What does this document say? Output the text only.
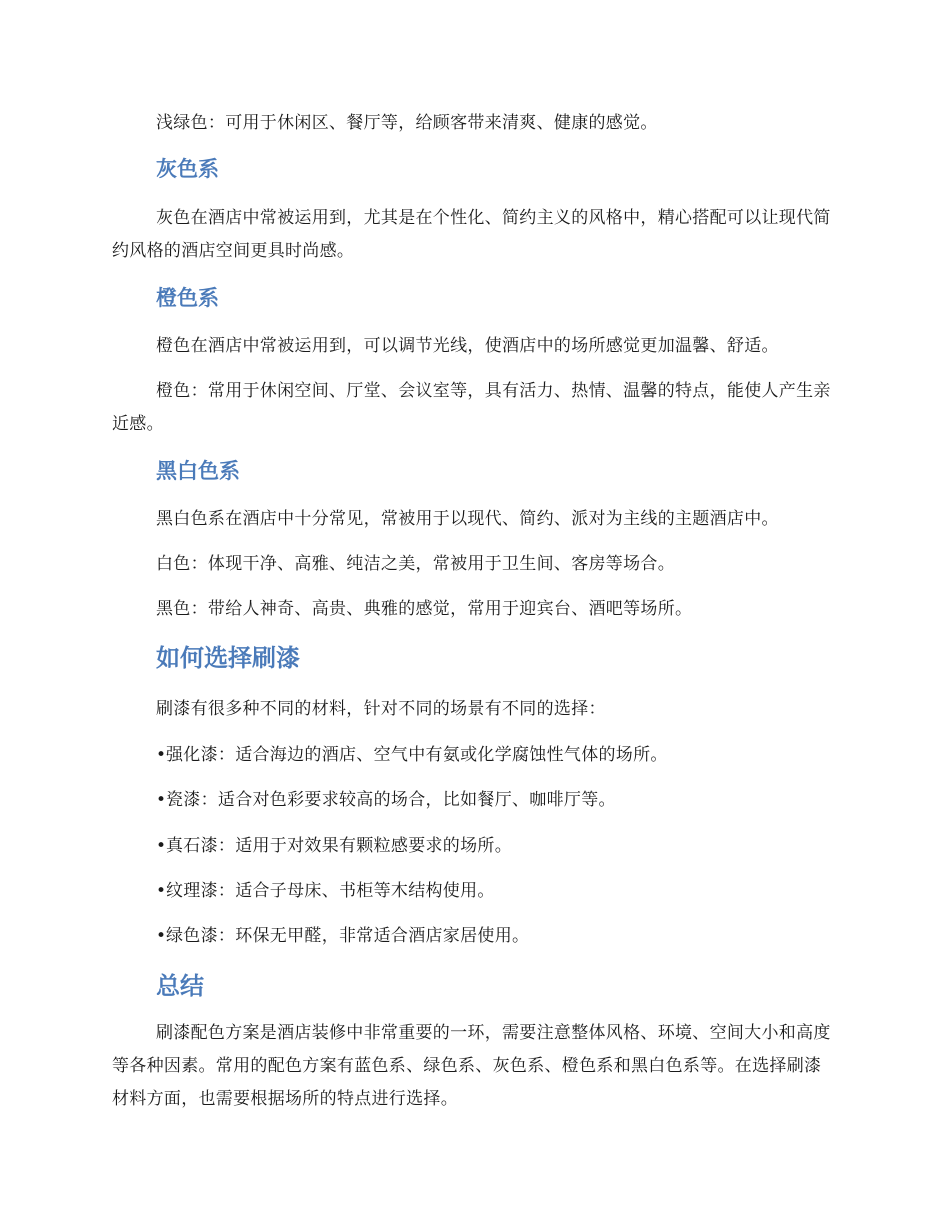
浅绿色：可用于休闲区、餐厅等，给顾客带来清爽、健康的感觉。

灰色系

灰色在酒店中常被运用到，尤其是在个性化、简约主义的风格中，精心搭配可以让现代简约风格的酒店空间更具时尚感。

橙色系

橙色在酒店中常被运用到，可以调节光线，使酒店中的场所感觉更加温馨、舒适。

橙色：常用于休闲空间、厅堂、会议室等，具有活力、热情、温馨的特点，能使人产生亲近感。

黑白色系

黑白色系在酒店中十分常见，常被用于以现代、简约、派对为主线的主题酒店中。

白色：体现干净、高雅、纯洁之美，常被用于卫生间、客房等场合。

黑色：带给人神奇、高贵、典雅的感觉，常用于迎宾台、酒吧等场所。

如何选择刷漆

刷漆有很多种不同的材料，针对不同的场景有不同的选择：

•强化漆：适合海边的酒店、空气中有氨或化学腐蚀性气体的场所。
•瓷漆：适合对色彩要求较高的场合，比如餐厅、咖啡厅等。
•真石漆：适用于对效果有颗粒感要求的场所。
•纹理漆：适合子母床、书柜等木结构使用。
•绿色漆：环保无甲醛，非常适合酒店家居使用。
总结

刷漆配色方案是酒店装修中非常重要的一环，需要注意整体风格、环境、空间大小和高度等各种因素。常用的配色方案有蓝色系、绿色系、灰色系、橙色系和黑白色系等。在选择刷漆材料方面，也需要根据场所的特点进行选择。
